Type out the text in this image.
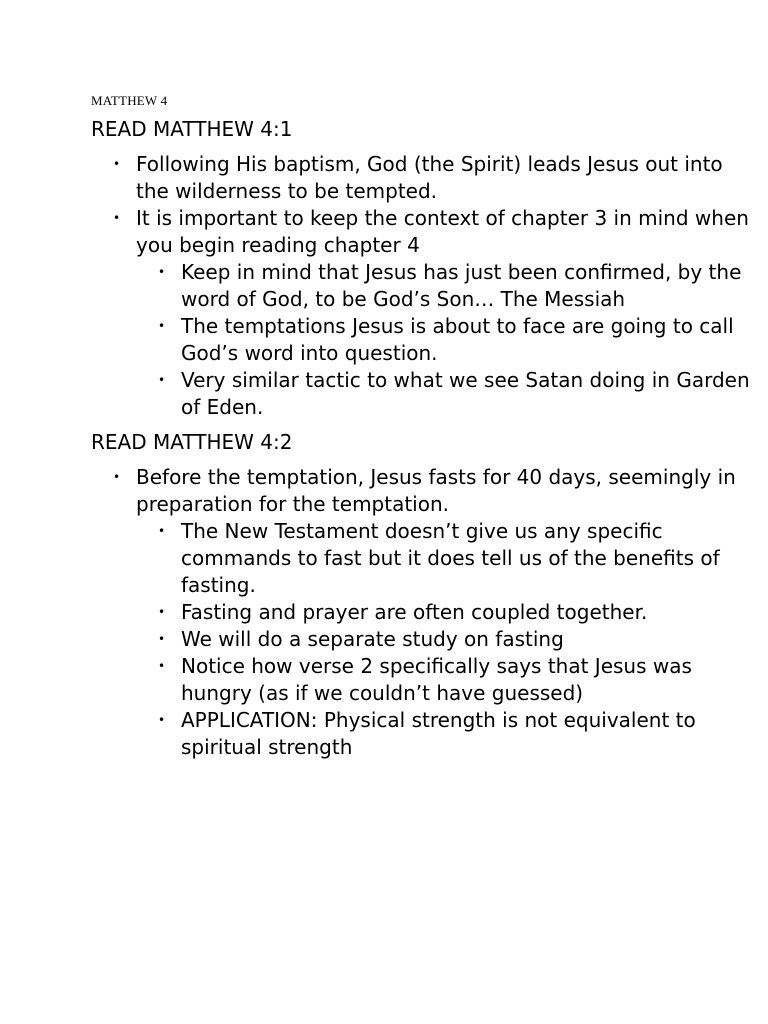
MATTHEW 4
READ MATTHEW 4:1
• Following His baptism, God (the Spirit) leads Jesus out into the wilderness to be tempted.
• It is important to keep the context of chapter 3 in mind when you begin reading chapter 4
• Keep in mind that Jesus has just been confirmed, by the word of God, to be God’s Son… The Messiah
• The temptations Jesus is about to face are going to call God’s word into question.
• Very similar tactic to what we see Satan doing in Garden of Eden.
READ MATTHEW 4:2
• Before the temptation, Jesus fasts for 40 days, seemingly in preparation for the temptation.
• The New Testament doesn’t give us any specific commands to fast but it does tell us of the benefits of fasting.
• Fasting and prayer are often coupled together.
• We will do a separate study on fasting
• Notice how verse 2 specifically says that Jesus was hungry (as if we couldn’t have guessed)
• APPLICATION: Physical strength is not equivalent to spiritual strength
